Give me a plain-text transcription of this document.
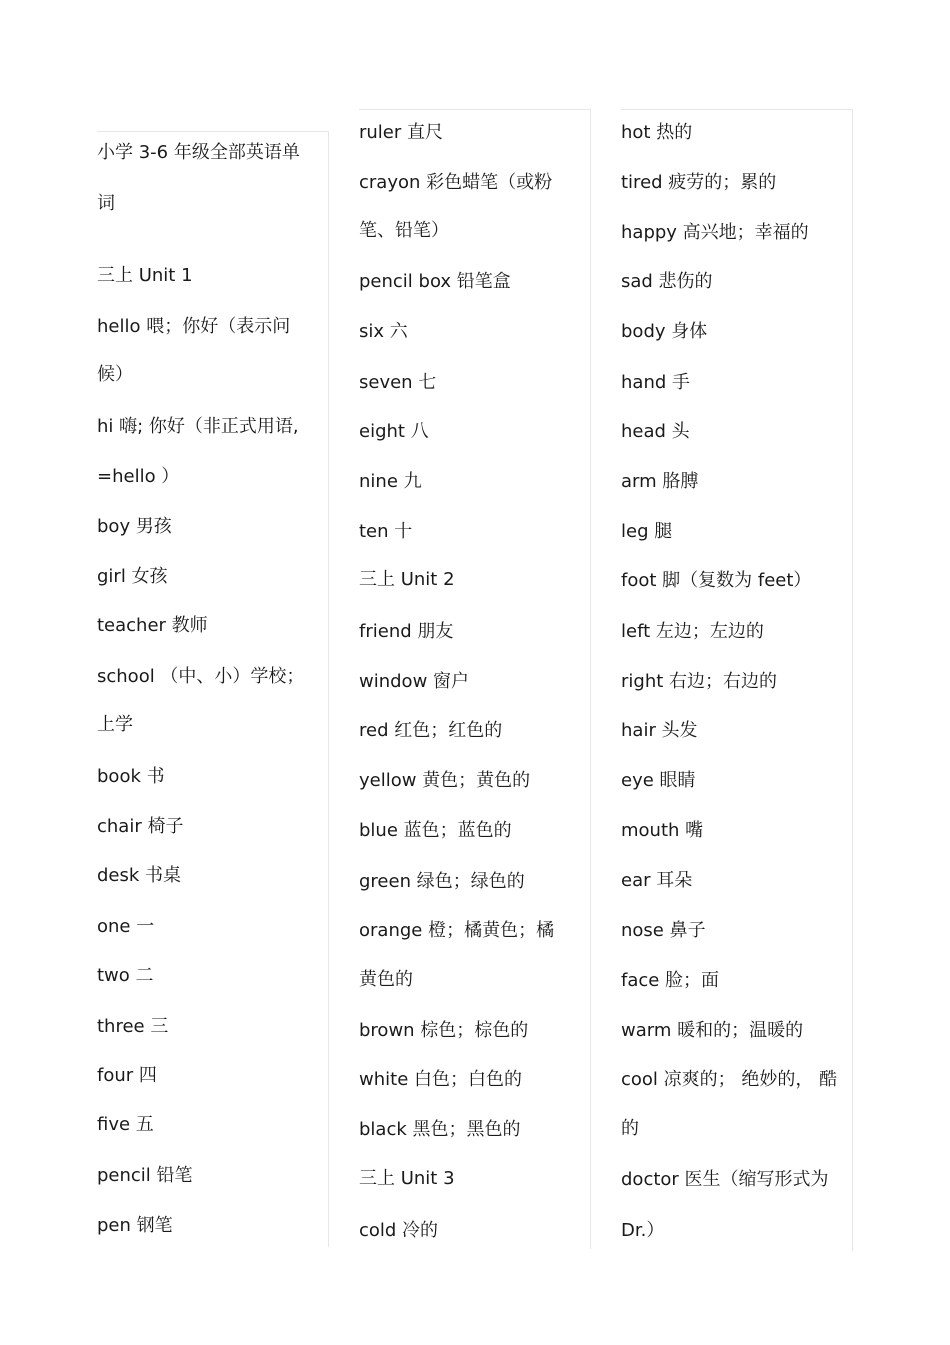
小学 3-6 年级全部英语单

词

三上 Unit 1

hello 喂；你好（表示问

候）

hi 嗨; 你好（非正式用语,

=hello ）

boy 男孩

girl 女孩

teacher 教师

school （中、小）学校；

上学

book 书

chair 椅子

desk 书桌

one 一

two 二

three 三

four 四

five 五

pencil 铅笔

pen 钢笔

ruler 直尺

crayon 彩色蜡笔（或粉

笔、铅笔）

pencil box 铅笔盒

six 六

seven 七

eight 八

nine 九

ten 十

三上 Unit 2

friend 朋友

window 窗户

red 红色；红色的

yellow 黄色；黄色的

blue 蓝色；蓝色的

green 绿色；绿色的

orange 橙；橘黄色；橘

黄色的

brown 棕色；棕色的

white 白色；白色的

black 黑色；黑色的

三上 Unit 3

cold 冷的

hot 热的

tired 疲劳的；累的

happy 高兴地；幸福的

sad 悲伤的

body 身体

hand 手

head 头

arm 胳膊

leg 腿

foot 脚（复数为 feet）

left 左边；左边的

right 右边；右边的

hair 头发

eye 眼睛

mouth 嘴

ear 耳朵

nose 鼻子

face 脸；面

warm 暖和的；温暖的

cool 凉爽的； 绝妙的， 酷

的

doctor 医生（缩写形式为

Dr.）
